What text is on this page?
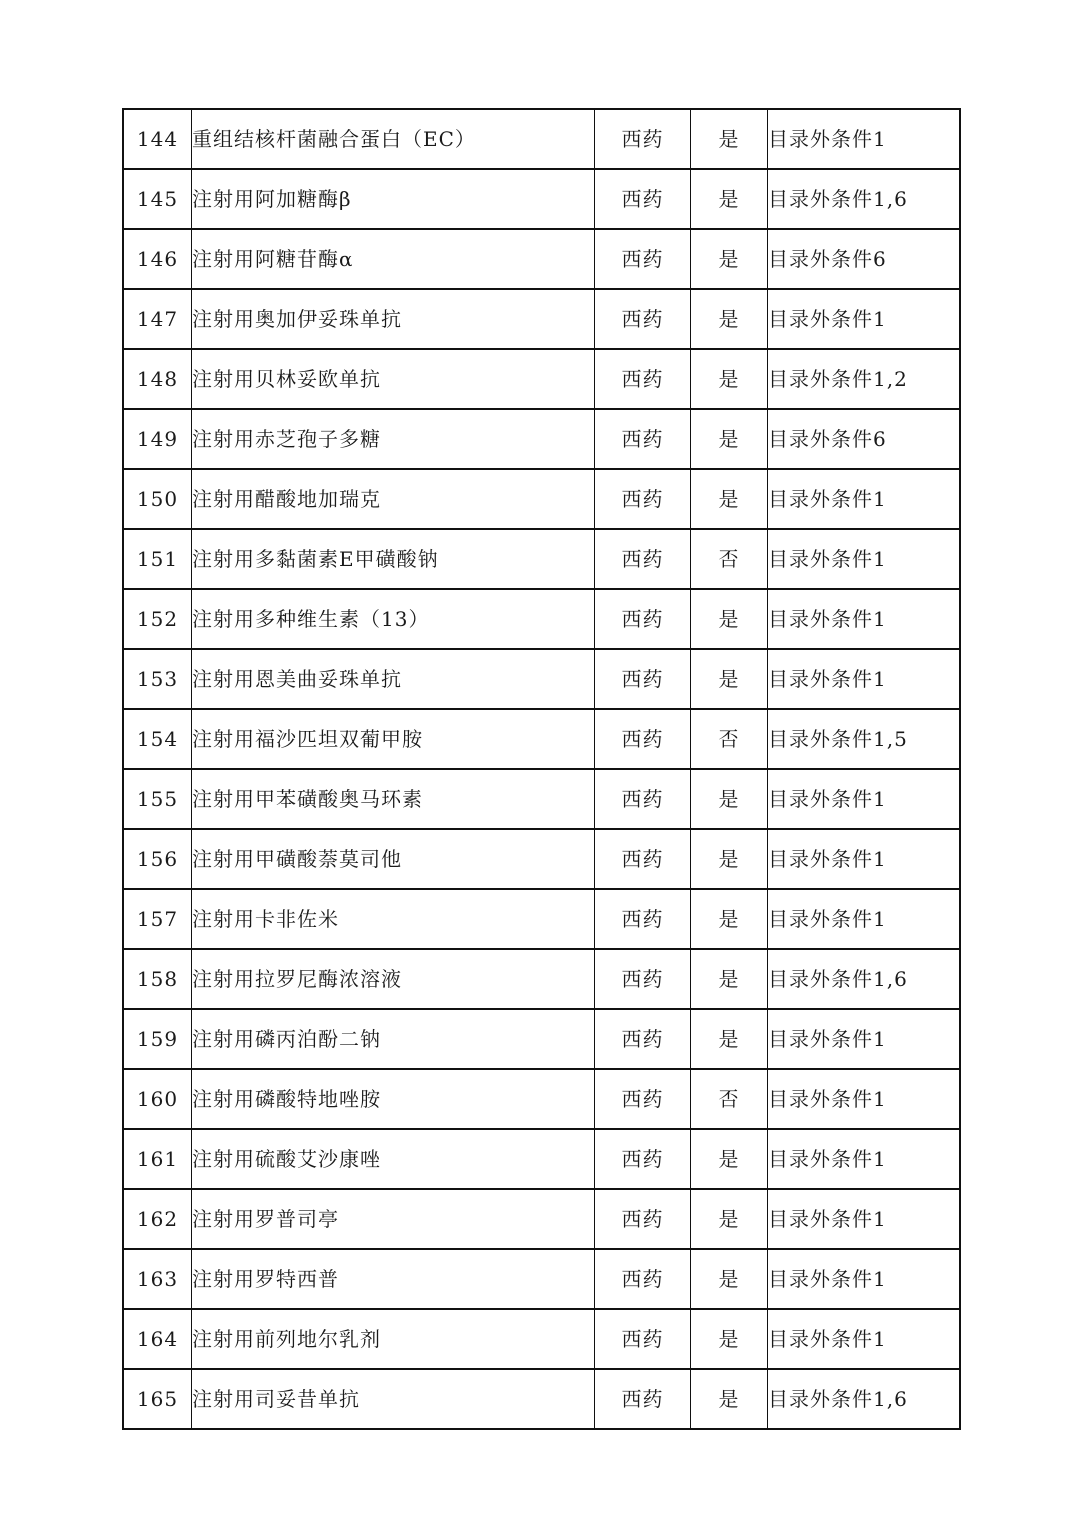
144	重组结核杆菌融合蛋白（EC）	西药	是	目录外条件1
145	注射用阿加糖酶β	西药	是	目录外条件1,6
146	注射用阿糖苷酶α	西药	是	目录外条件6
147	注射用奥加伊妥珠单抗	西药	是	目录外条件1
148	注射用贝林妥欧单抗	西药	是	目录外条件1,2
149	注射用赤芝孢子多糖	西药	是	目录外条件6
150	注射用醋酸地加瑞克	西药	是	目录外条件1
151	注射用多黏菌素E甲磺酸钠	西药	否	目录外条件1
152	注射用多种维生素（13）	西药	是	目录外条件1
153	注射用恩美曲妥珠单抗	西药	是	目录外条件1
154	注射用福沙匹坦双葡甲胺	西药	否	目录外条件1,5
155	注射用甲苯磺酸奥马环素	西药	是	目录外条件1
156	注射用甲磺酸萘莫司他	西药	是	目录外条件1
157	注射用卡非佐米	西药	是	目录外条件1
158	注射用拉罗尼酶浓溶液	西药	是	目录外条件1,6
159	注射用磷丙泊酚二钠	西药	是	目录外条件1
160	注射用磷酸特地唑胺	西药	否	目录外条件1
161	注射用硫酸艾沙康唑	西药	是	目录外条件1
162	注射用罗普司亭	西药	是	目录外条件1
163	注射用罗特西普	西药	是	目录外条件1
164	注射用前列地尔乳剂	西药	是	目录外条件1
165	注射用司妥昔单抗	西药	是	目录外条件1,6
